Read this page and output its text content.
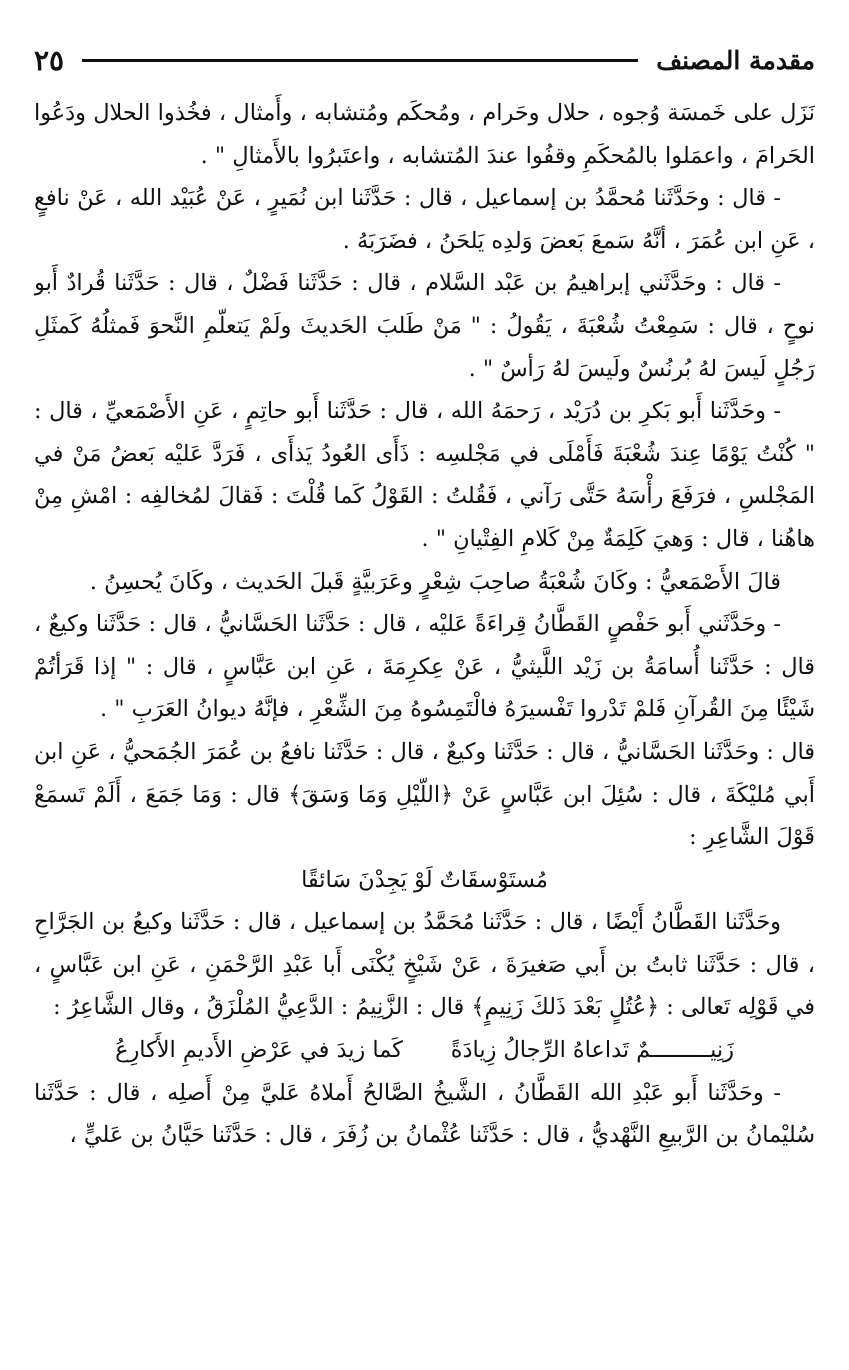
مقدمة المصنف
٢٥

نَزَل على خَمسَة وُجوه ، حلال وحَرام ، ومُحكَم ومُتشابه ، وأَمثال ، فخُذوا الحلال ودَعُوا الحَرامَ ، واعمَلوا بالمُحكَمِ وقفُوا عندَ المُتشابه ، واعتَبرُوا بالأَمثالِ " .

- قال : وحَدَّثَنا مُحمَّدُ بن إسماعيل ، قال : حَدَّثَنا ابن نُمَيرٍ ، عَنْ عُبَيْد الله ، عَنْ نافعٍ ، عَنِ ابن عُمَرَ ، أنَّهُ سَمعَ بَعضَ وَلدِه يَلحَنُ ، فضَرَبَهُ .

- قال : وحَدَّثَني إبراهيمُ بن عَبْد السَّلام ، قال : حَدَّثَنا فَضْلٌ ، قال : حَدَّثَنا قُرادٌ أَبو نوحٍ ، قال : سَمِعْتُ شُعْبَةَ ، يَقُولُ : " مَنْ طَلبَ الحَديثَ ولَمْ يَتعلّمِ النَّحوَ فَمثلُهُ كَمثَلِ رَجُلٍ لَيسَ لهُ بُرنُسٌ ولَيسَ لهُ رَأسٌ " .

- وحَدَّثَنا أَبو بَكرِ بن دُرَيْد ، رَحمَهُ الله ، قال : حَدَّثَنا أَبو حاتِمٍ ، عَنِ الأَصْمَعيِّ ، قال : " كُنْتُ يَوْمًا عِندَ شُعْبَةَ فَأَمْلَى في مَجْلسِه : ذَأَى العُودُ يَذأَى ، فَرَدَّ عَليْه بَعضُ مَنْ في المَجْلسِ ، فرَفَعَ رأْسَهُ حَتَّى رَآني ، فَقُلتُ : القَوْلُ كَما قُلْتَ : فَقالَ لمُخالفِه : امْشِ مِنْ هاهُنا ، قال : وَهيَ كَلِمَةٌ مِنْ كَلامِ الفِتْيانِ " .

قالَ الأَصْمَعيُّ : وكَانَ شُعْبَةُ صاحِبَ شِعْرٍ وعَرَبيَّةٍ قَبلَ الحَديث ، وكَانَ يُحسِنُ .

- وحَدَّثَني أَبو حَفْصٍ القَطَّانُ قِراءَةً عَليْه ، قال : حَدَّثَنا الحَسَّانيُّ ، قال : حَدَّثَنا وكيعٌ ، قال : حَدَّثَنا أُسامَةُ بن زَيْد اللَّيثيُّ ، عَنْ عِكرِمَةَ ، عَنِ ابن عَبَّاسٍ ، قال : " إذا قَرَأتُمْ شَيْئًا مِنَ القُرآنِ فَلمْ تَدْروا تَفْسيرَهُ فالْتَمِسُوهُ مِنَ الشِّعْرِ ، فإنَّهُ ديوانُ العَرَبِ " .

قال : وحَدَّثَنا الحَسَّانيُّ ، قال : حَدَّثَنا وكيعٌ ، قال : حَدَّثَنا نافعُ بن عُمَرَ الجُمَحيُّ ، عَنِ ابن أَبي مُليْكَةَ ، قال : سُئِلَ ابن عَبَّاسٍ عَنْ ﴿اللّيْلِ وَمَا وَسَقَ﴾ قال : وَمَا جَمَعَ ، أَلَمْ تَسمَعْ قَوْلَ الشَّاعِرِ :

مُستَوْسقَاتٌ لَوْ يَجِدْنَ سَائقًا

وحَدَّثَنا القَطَّانُ أَيْضًا ، قال : حَدَّثَنا مُحَمَّدُ بن إسماعيل ، قال : حَدَّثَنا وكيعُ بن الجَرَّاحِ ، قال : حَدَّثَنا ثابتُ بن أَبي صَغيرَةَ ، عَنْ شَيْخٍ يُكْنَى أَبا عَبْدِ الرَّحْمَنِ ، عَنِ ابن عَبَّاسٍ ، في قَوْلِه تَعالى : ﴿عُتُلٍ بَعْدَ ذَلكَ زَنِيمٍ﴾ قال : الزَّنِيمُ : الدَّعِيُّ المُلْزَقُ ، وقال الشَّاعِرُ :

زَنِيـــــــــمٌ تَداعاهُ الرِّجالُ زِيادَةً
كَما زيدَ في عَرْضِ الأَديمِ الأَكارِعُ

- وحَدَّثَنا أَبو عَبْدِ الله القَطَّانُ ، الشَّيخُ الصَّالحُ أَملاهُ عَليَّ مِنْ أَصلِه ، قال : حَدَّثَنا سُليْمانُ بن الرَّبيعِ النَّهْديُّ ، قال : حَدَّثَنا عُثْمانُ بن زُفَرَ ، قال : حَدَّثَنا حَيَّانُ بن عَليٍّ ،
